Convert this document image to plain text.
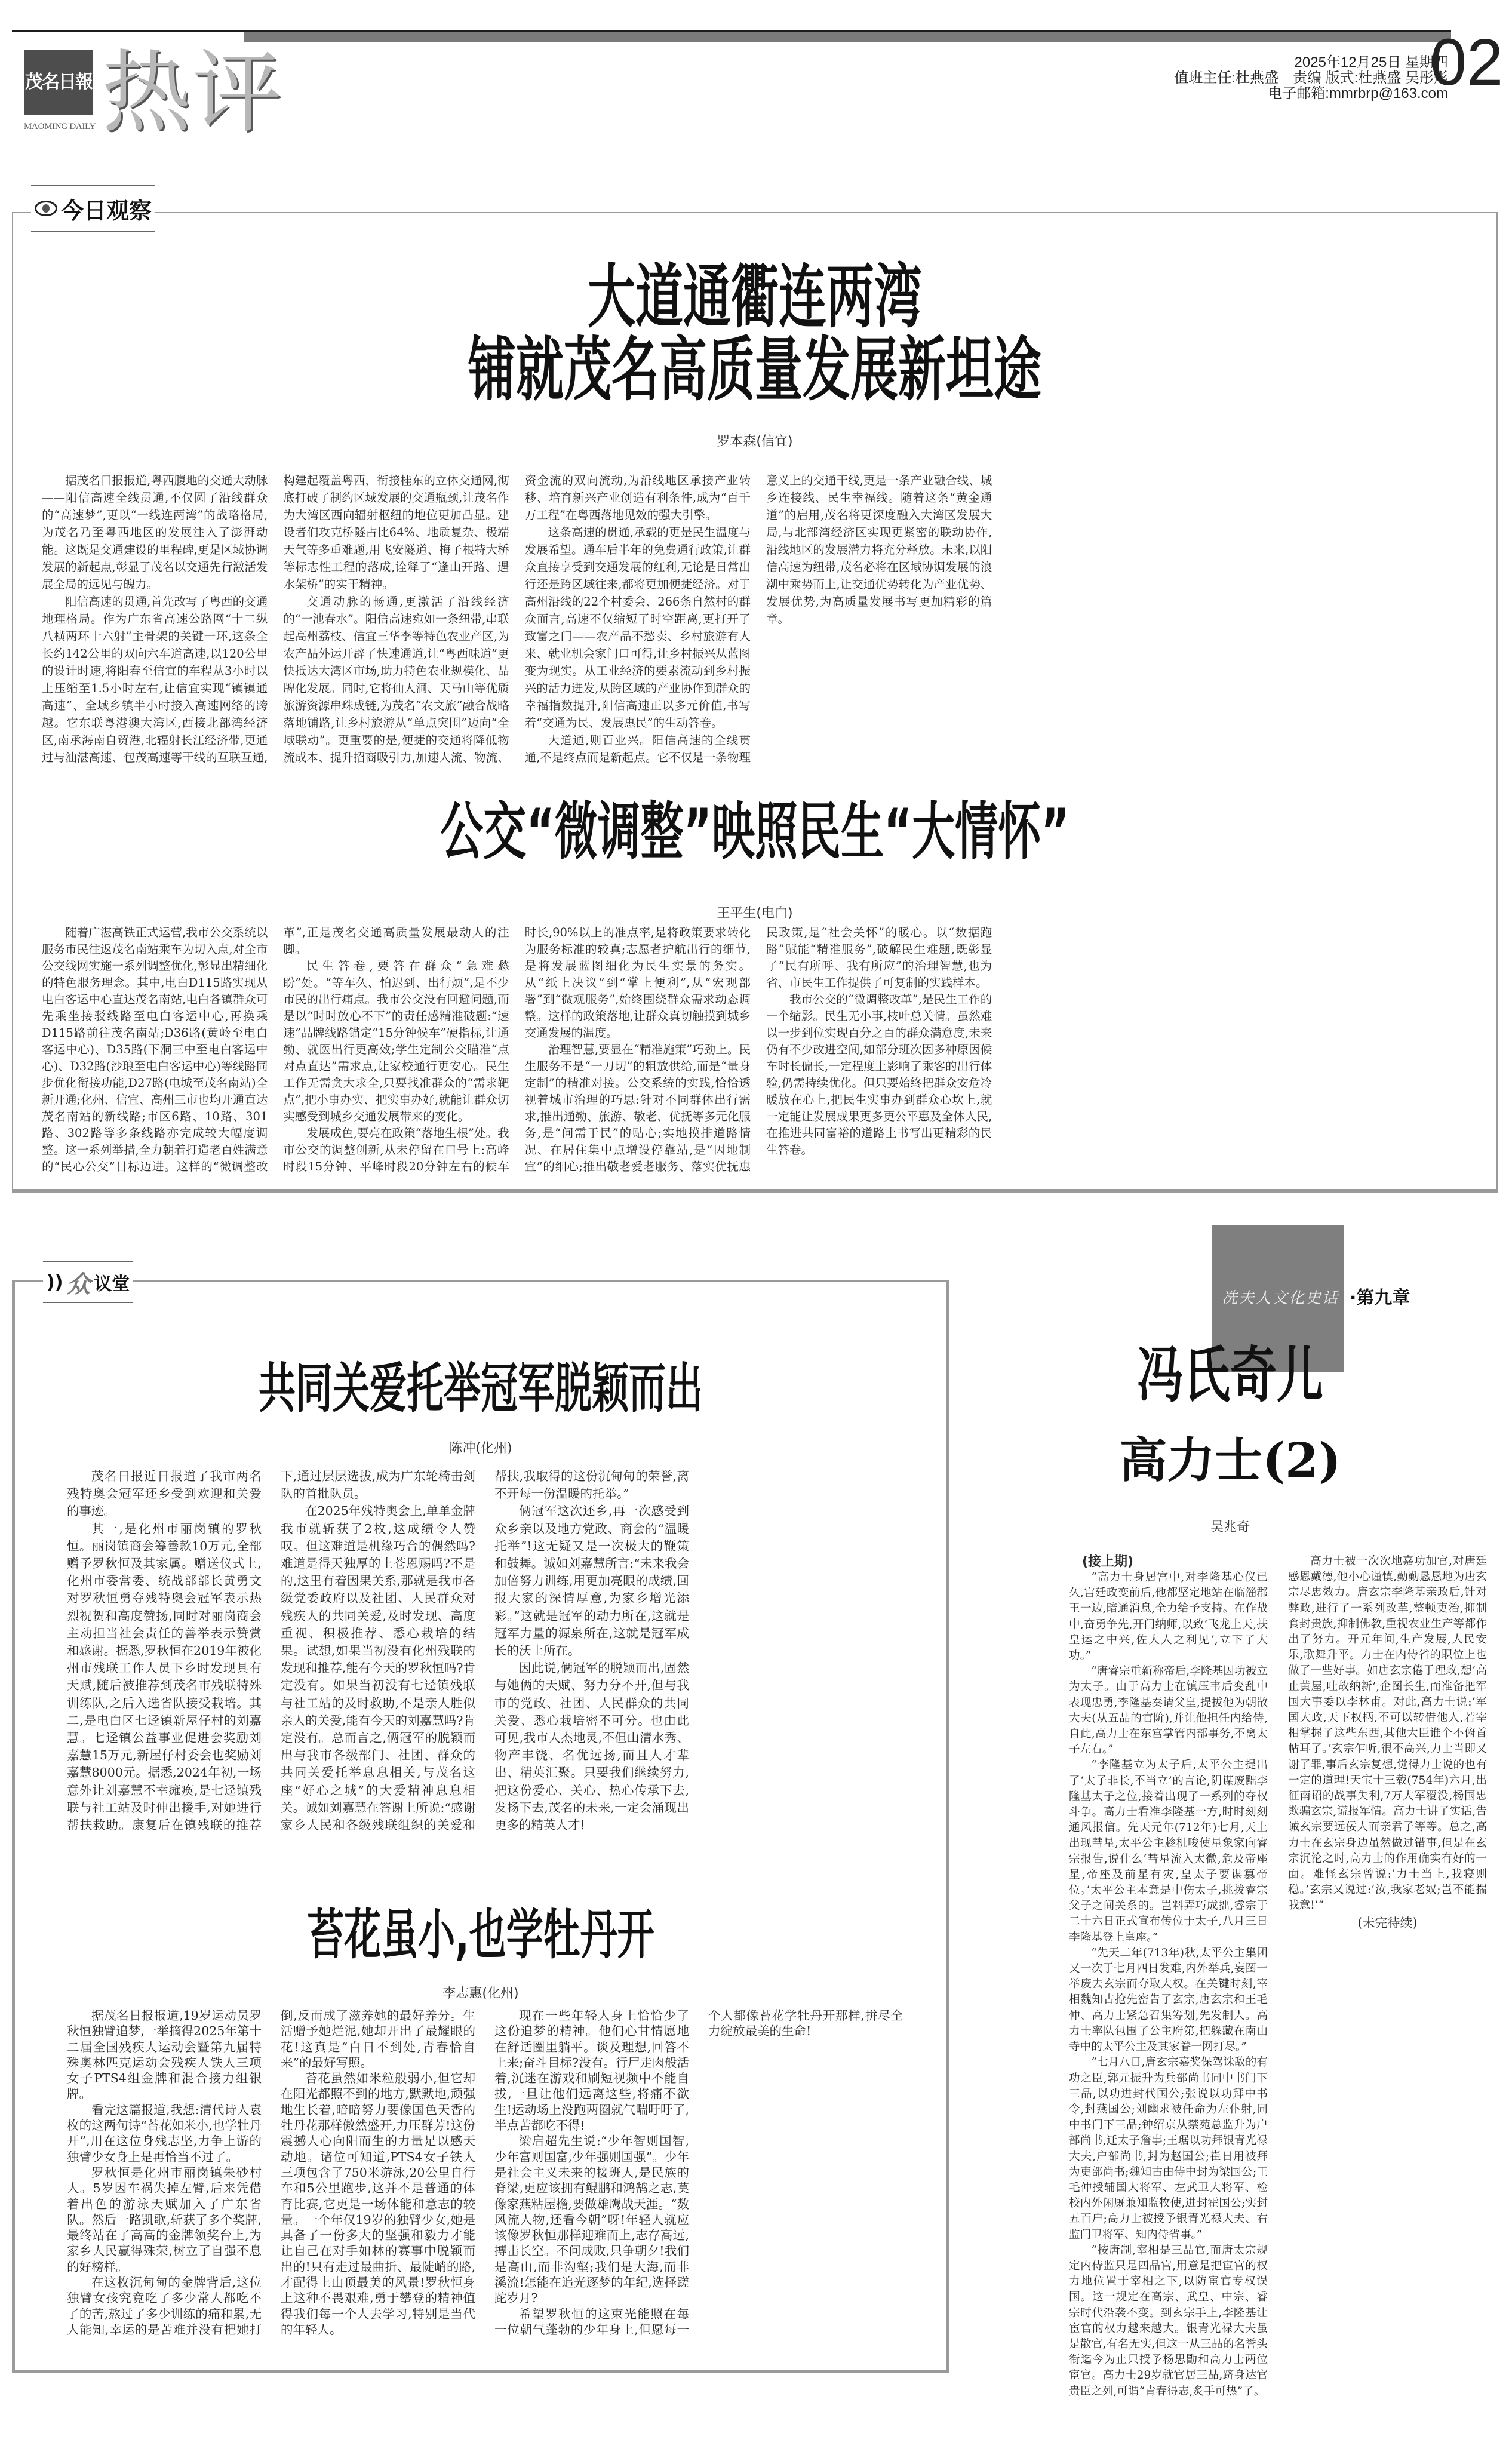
茂名日報
MAOMING DAILY 热评	2025年12月25日 星期四
值班主任:杜燕盛　责编 版式:杜燕盛 吴彤彤
电子邮箱:mmrbrp@163.com
02
今日观察
大道通衢连两湾
铺就茂名高质量发展新坦途
罗本森(信宜)

据茂名日报报道,粤西腹地的交通大动脉——阳信高速全线贯通,不仅圆了沿线群众的“高速梦”,更以“一线连两湾”的战略格局,为茂名乃至粤西地区的发展注入了澎湃动能。这既是交通建设的里程碑,更是区域协调发展的新起点,彰显了茂名以交通先行激活发展全局的远见与魄力。

阳信高速的贯通,首先改写了粤西的交通地理格局。作为广东省高速公路网“十二纵八横两环十六射”主骨架的关键一环,这条全长约142公里的双向六车道高速,以120公里的设计时速,将阳春至信宜的车程从3小时以上压缩至1.5小时左右,让信宜实现“镇镇通高速”、全域乡镇半小时接入高速网络的跨越。它东联粤港澳大湾区,西接北部湾经济区,南承海南自贸港,北辐射长江经济带,更通过与汕湛高速、包茂高速等干线的互联互通,构建起覆盖粤西、衔接桂东的立体交通网,彻底打破了制约区域发展的交通瓶颈,让茂名作为大湾区西向辐射枢纽的地位更加凸显。建设者们攻克桥隧占比64%、地质复杂、极端天气等多重难题,用飞安隧道、梅子根特大桥等标志性工程的落成,诠释了“逢山开路、遇水架桥”的实干精神。

交通动脉的畅通,更激活了沿线经济的“一池春水”。阳信高速宛如一条纽带,串联起高州荔枝、信宜三华李等特色农业产区,为农产品外运开辟了快速通道,让“粤西味道”更快抵达大湾区市场,助力特色农业规模化、品牌化发展。同时,它将仙人洞、天马山等优质旅游资源串珠成链,为茂名“农文旅”融合战略落地铺路,让乡村旅游从“单点突围”迈向“全域联动”。更重要的是,便捷的交通将降低物流成本、提升招商吸引力,加速人流、物流、资金流的双向流动,为沿线地区承接产业转移、培育新兴产业创造有利条件,成为“百千万工程”在粤西落地见效的强大引擎。

这条高速的贯通,承载的更是民生温度与发展希望。通车后半年的免费通行政策,让群众直接享受到交通发展的红利,无论是日常出行还是跨区域往来,都将更加便捷经济。对于高州沿线的22个村委会、266条自然村的群众而言,高速不仅缩短了时空距离,更打开了致富之门——农产品不愁卖、乡村旅游有人来、就业机会家门口可得,让乡村振兴从蓝图变为现实。从工业经济的要素流动到乡村振兴的活力迸发,从跨区域的产业协作到群众的幸福指数提升,阳信高速正以多元价值,书写着“交通为民、发展惠民”的生动答卷。

大道通,则百业兴。阳信高速的全线贯通,不是终点而是新起点。它不仅是一条物理意义上的交通干线,更是一条产业融合线、城乡连接线、民生幸福线。随着这条“黄金通道”的启用,茂名将更深度融入大湾区发展大局,与北部湾经济区实现更紧密的联动协作,沿线地区的发展潜力将充分释放。未来,以阳信高速为纽带,茂名必将在区域协调发展的浪潮中乘势而上,让交通优势转化为产业优势、发展优势,为高质量发展书写更加精彩的篇章。

公交“微调整”映照民生“大情怀”
王平生(电白)

随着广湛高铁正式运营,我市公交系统以服务市民往返茂名南站乘车为切入点,对全市公交线网实施一系列调整优化,彰显出精细化的特色服务理念。其中,电白D115路实现从电白客运中心直达茂名南站,电白各镇群众可先乘坐接驳线路至电白客运中心,再换乘D115路前往茂名南站;D36路(黄岭至电白客运中心)、D35路(下洞三中至电白客运中心)、D32路(沙琅至电白客运中心)等线路同步优化衔接功能,D27路(电城至茂名南站)全新开通;化州、信宜、高州三市也均开通直达茂名南站的新线路;市区6路、10路、301路、302路等多条线路亦完成较大幅度调整。这一系列举措,全力朝着打造老百姓满意的“民心公交”目标迈进。这样的“微调整改革”,正是茂名交通高质量发展最动人的注脚。

民生答卷,要答在群众“急难愁盼”处。“等车久、怕迟到、出行烦”,是不少市民的出行痛点。我市公交没有回避问题,而是以“时时放心不下”的责任感精准破题:“速速”品牌线路锚定“15分钟候车”硬指标,让通勤、就医出行更高效;学生定制公交瞄准“点对点直达”需求点,让家校通行更安心。民生工作无需贪大求全,只要找准群众的“需求靶点”,把小事办实、把实事办好,就能让群众切实感受到城乡交通发展带来的变化。

发展成色,要亮在政策“落地生根”处。我市公交的调整创新,从未停留在口号上:高峰时段15分钟、平峰时段20分钟左右的候车时长,90%以上的准点率,是将政策要求转化为服务标准的较真;志愿者护航出行的细节,是将发展蓝图细化为民生实景的务实。从“纸上决议”到“掌上便利”,从“宏观部署”到“微观服务”,始终围绕群众需求动态调整。这样的政策落地,让群众真切触摸到城乡交通发展的温度。

治理智慧,要显在“精准施策”巧劲上。民生服务不是“一刀切”的粗放供给,而是“量身定制”的精准对接。公交系统的实践,恰恰透视着城市治理的巧思:针对不同群体出行需求,推出通勤、旅游、敬老、优抚等多元化服务,是“问需于民”的贴心;实地摸排道路情况、在居住集中点增设停靠站,是“因地制宜”的细心;推出敬老爱老服务、落实优抚惠民政策,是“社会关怀”的暖心。以“数据跑路”赋能“精准服务”,破解民生难题,既彰显了“民有所呼、我有所应”的治理智慧,也为省、市民生工作提供了可复制的实践样本。

我市公交的“微调整改革”,是民生工作的一个缩影。民生无小事,枝叶总关情。虽然难以一步到位实现百分之百的群众满意度,未来仍有不少改进空间,如部分班次因多种原因候车时长偏长,一定程度上影响了乘客的出行体验,仍需持续优化。但只要始终把群众安危冷暖放在心上,把民生实事办到群众心坎上,就一定能让发展成果更多更公平惠及全体人民,在推进共同富裕的道路上书写出更精彩的民生答卷。

)) 众 议堂
共同关爱托举冠军脱颖而出
陈冲(化州)

茂名日报近日报道了我市两名残特奥会冠军还乡受到欢迎和关爱的事迹。

其一,是化州市丽岗镇的罗秋恒。丽岗镇商会筹善款10万元,全部赠予罗秋恒及其家属。赠送仪式上,化州市委常委、统战部部长黄勇文对罗秋恒勇夺残特奥会冠军表示热烈祝贺和高度赞扬,同时对丽岗商会主动担当社会责任的善举表示赞赏和感谢。据悉,罗秋恒在2019年被化州市残联工作人员下乡时发现具有天赋,随后被推荐到茂名市残联特殊训练队,之后入选省队接受栽培。其二,是电白区七迳镇新屋仔村的刘嘉慧。七迳镇公益事业促进会奖励刘嘉慧15万元,新屋仔村委会也奖励刘嘉慧8000元。据悉,2024年初,一场意外让刘嘉慧不幸瘫痪,是七迳镇残联与社工站及时伸出援手,对她进行帮扶救助。康复后在镇残联的推荐下,通过层层选拔,成为广东轮椅击剑队的首批队员。

在2025年残特奥会上,单单金牌我市就斩获了2枚,这成绩令人赞叹。但这难道是机缘巧合的偶然吗?难道是得天独厚的上苍恩赐吗?不是的,这里有着因果关系,那就是我市各级党委政府以及社团、人民群众对残疾人的共同关爱,及时发现、高度重视、积极推荐、悉心栽培的结果。试想,如果当初没有化州残联的发现和推荐,能有今天的罗秋恒吗?肯定没有。如果当初没有七迳镇残联与社工站的及时救助,不是亲人胜似亲人的关爱,能有今天的刘嘉慧吗?肯定没有。总而言之,俩冠军的脱颖而出与我市各级部门、社团、群众的共同关爱托举息息相关,与茂名这座“好心之城”的大爱精神息息相关。诚如刘嘉慧在答谢上所说:“感谢家乡人民和各级残联组织的关爱和帮扶,我取得的这份沉甸甸的荣誉,离不开每一份温暖的托举。”

俩冠军这次还乡,再一次感受到众乡亲以及地方党政、商会的“温暖托举”!这无疑又是一次极大的鞭策和鼓舞。诚如刘嘉慧所言:“未来我会加倍努力训练,用更加亮眼的成绩,回报大家的深情厚意,为家乡增光添彩。”这就是冠军的动力所在,这就是冠军力量的源泉所在,这就是冠军成长的沃土所在。

因此说,俩冠军的脱颖而出,固然与她俩的天赋、努力分不开,但与我市的党政、社团、人民群众的共同关爱、悉心栽培密不可分。也由此可见,我市人杰地灵,不但山清水秀、物产丰饶、名优远扬,而且人才辈出、精英汇聚。只要我们继续努力,把这份爱心、关心、热心传承下去,发扬下去,茂名的未来,一定会涌现出更多的精英人才!

苔花虽小,也学牡丹开
李志惠(化州)

据茂名日报报道,19岁运动员罗秋恒独臂追梦,一举摘得2025年第十二届全国残疾人运动会暨第九届特殊奥林匹克运动会残疾人铁人三项女子PTS4组金牌和混合接力组银牌。

看完这篇报道,我想:清代诗人袁枚的这两句诗“苔花如米小,也学牡丹开”,用在这位身残志坚,力争上游的独臂少女身上是再恰当不过了。

罗秋恒是化州市丽岗镇朱砂村人。5岁因车祸失掉左臂,后来凭借着出色的游泳天赋加入了广东省队。然后一路凯歌,斩获了多个奖牌,最终站在了高高的金牌领奖台上,为家乡人民赢得殊荣,树立了自强不息的好榜样。

在这枚沉甸甸的金牌背后,这位独臂女孩究竟吃了多少常人都吃不了的苦,熬过了多少训练的痛和累,无人能知,幸运的是苦难并没有把她打倒,反而成了滋养她的最好养分。生活赠予她烂泥,她却开出了最耀眼的花!这真是“白日不到处,青春恰自来”的最好写照。

苔花虽然如米粒般弱小,但它却在阳光都照不到的地方,默默地,顽强地生长着,暗暗努力要像国色天香的牡丹花那样傲然盛开,力压群芳!这份震撼人心向阳而生的力量足以感天动地。诸位可知道,PTS4女子铁人三项包含了750米游泳,20公里自行车和5公里跑步,这并不是普通的体育比赛,它更是一场体能和意志的较量。一个年仅19岁的独臂少女,她是具备了一份多大的坚强和毅力才能让自己在对手如林的赛事中脱颖而出的!只有走过最曲折、最陡峭的路,才配得上山顶最美的风景!罗秋恒身上这种不畏艰难,勇于攀登的精神值得我们每一个人去学习,特别是当代的年轻人。

现在一些年轻人身上恰恰少了这份追梦的精神。他们心甘情愿地在舒适圈里躺平。谈及理想,回答不上来;奋斗目标?没有。行尸走肉般活着,沉迷在游戏和刷短视频中不能自拔,一旦让他们远离这些,将痛不欲生!运动场上没跑两圈就气喘吁吁了,半点苦都吃不得!

梁启超先生说:“少年智则国智,少年富则国富,少年强则国强”。少年是社会主义未来的接班人,是民族的脊梁,更应该拥有鲲鹏和鸿鹄之志,莫像家燕粘屋檐,要做雄鹰战天涯。“数风流人物,还看今朝”呀!年轻人就应该像罗秋恒那样迎难而上,志存高远,搏击长空。不问成败,只争朝夕!我们是高山,而非沟壑;我们是大海,而非溪流!怎能在追光逐梦的年纪,选择蹉跎岁月?

希望罗秋恒的这束光能照在每一位朝气蓬勃的少年身上,但愿每一个人都像苔花学牡丹开那样,拼尽全力绽放最美的生命!

冼夫人文化史话 ·第九章
冯氏奇儿
高力士(2)
吴兆奇

(接上期)

“高力士身居宫中,对李隆基心仪已久,宫廷政变前后,他都坚定地站在临淄郡王一边,暗通消息,全力给予支持。在作战中,奋勇争先,开门纳师,以致‘飞龙上天,扶皇运之中兴,佐大人之利见’,立下了大功。”

“唐睿宗重新称帝后,李隆基因功被立为太子。由于高力士在镇压韦后变乱中表现忠勇,李隆基奏请父皇,提拔他为朝散大夫(从五品的官阶),并让他担任内给侍,自此,高力士在东宫掌管内部事务,不离太子左右。”

“李隆基立为太子后,太平公主提出了‘太子非长,不当立’的言论,阴谋废黜李隆基太子之位,接着出现了一系列的夺权斗争。高力士看准李隆基一方,时时刻刻通风报信。先天元年(712年)七月,天上出现彗星,太平公主趁机唆使星象家向睿宗报告,说什么‘彗星流入太微,危及帝座星,帝座及前星有灾,皇太子要谋篡帝位。’太平公主本意是中伤太子,挑拨睿宗父子之间关系的。岂料弄巧成拙,睿宗于二十六日正式宣布传位于太子,八月三日李隆基登上皇座。”

“先天二年(713年)秋,太平公主集团又一次于七月四日发难,内外举兵,妄图一举废去玄宗而夺取大权。在关键时刻,宰相魏知古抢先密告了玄宗,唐玄宗和王毛仲、高力士紧急召集筹划,先发制人。高力士率队包围了公主府第,把躲藏在南山寺中的太平公主及其家眷一网打尽。”

“七月八日,唐玄宗嘉奖保驾诛敌的有功之臣,郭元振升为兵部尚书同中书门下三品,以功进封代国公;张说以功拜中书令,封燕国公;刘幽求被任命为左仆射,同中书门下三品;钟绍京从禁苑总监升为户部尚书,迁太子詹事;王琚以功拜银青光禄大夫,户部尚书,封为赵国公;崔日用被拜为吏部尚书;魏知古由侍中封为梁国公;王毛仲授辅国大将军、左武卫大将军、检校内外闲厩兼知监牧使,进封霍国公;实封五百户;高力士被授予银青光禄大夫、右监门卫将军、知内侍省事。”

“按唐制,宰相是三品官,而唐太宗规定内侍监只是四品官,用意是把宦官的权力地位置于宰相之下,以防宦官专权误国。这一规定在高宗、武皇、中宗、睿宗时代沿袭不变。到玄宗手上,李隆基让宦官的权力越来越大。银青光禄大夫虽是散官,有名无实,但这一从三品的名誉头衔迄今为止只授予杨思勖和高力士两位宦官。高力士29岁就官居三品,跻身达官贵臣之列,可谓“青春得志,炙手可热”了。

高力士被一次次地嘉功加官,对唐廷感恩戴德,他小心谨慎,勤勤恳恳地为唐玄宗尽忠效力。唐玄宗李隆基亲政后,针对弊政,进行了一系列改革,整顿吏治,抑制食封贵族,抑制佛教,重视农业生产等都作出了努力。开元年间,生产发展,人民安乐,歌舞升平。力士在内侍省的职位上也做了一些好事。如唐玄宗倦于理政,想‘高止黄屋,吐故纳新’,企图长生,而准备把军国大事委以李林甫。对此,高力士说:‘军国大政,天下权柄,不可以转借他人,若宰相掌握了这些东西,其他大臣谁个不俯首帖耳了。’玄宗乍听,很不高兴,力士当即又谢了罪,事后玄宗复想,觉得力士说的也有一定的道理!天宝十三载(754年)六月,出征南诏的战事失利,7万大军覆没,杨国忠欺骗玄宗,谎报军情。高力士讲了实话,告诫玄宗要远佞人而亲君子等等。总之,高力士在玄宗身边虽然做过错事,但是在玄宗沉沦之时,高力士的作用确实有好的一面。难怪玄宗曾说:‘力士当上,我寝则稳。’玄宗又说过:‘汝,我家老奴;岂不能揣我意!’”

(未完待续)
